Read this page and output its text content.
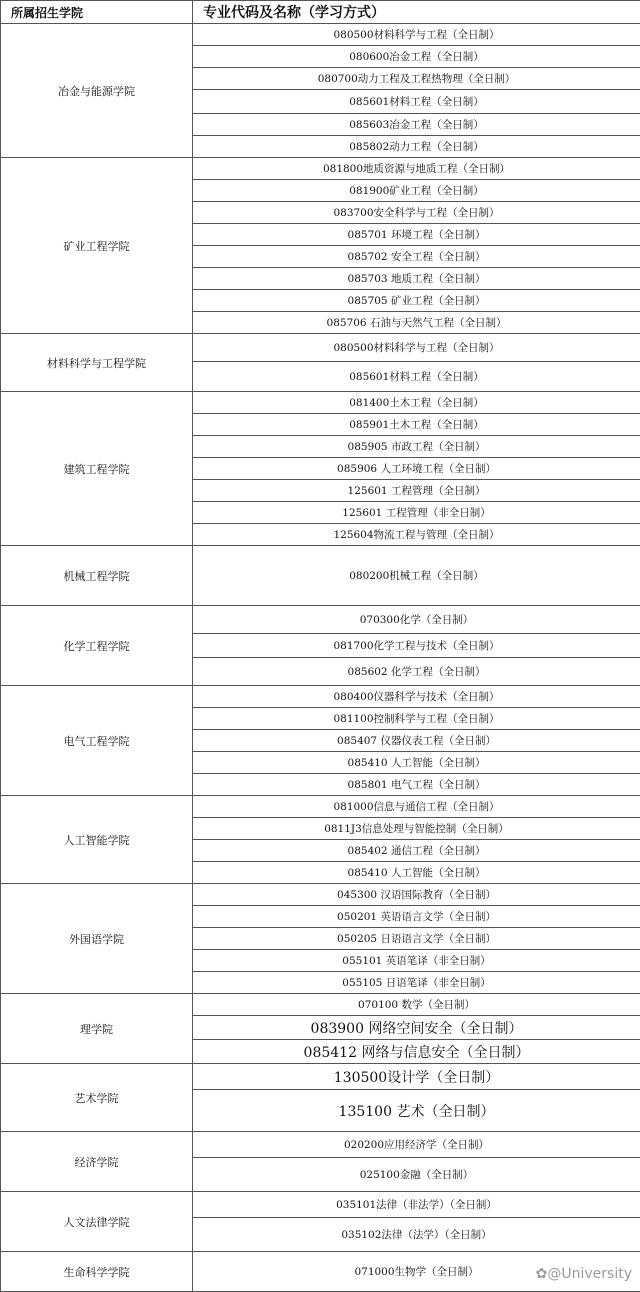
所属招生学院	专业代码及名称（学习方式）
冶金与能源学院	080500材料科学与工程（全日制）
	080600冶金工程（全日制）
	080700动力工程及工程热物理（全日制）
	085601材料工程（全日制）
	085603冶金工程（全日制）
	085802动力工程（全日制）
矿业工程学院	081800地质资源与地质工程（全日制）
	081900矿业工程（全日制）
	083700安全科学与工程（全日制）
	085701 环境工程（全日制）
	085702 安全工程（全日制）
	085703 地质工程（全日制）
	085705 矿业工程（全日制）
	085706 石油与天然气工程（全日制）
材料科学与工程学院	080500材料科学与工程（全日制）
	085601材料工程（全日制）
建筑工程学院	081400土木工程（全日制）
	085901土木工程（全日制）
	085905 市政工程（全日制）
	085906 人工环境工程（全日制）
	125601 工程管理（全日制）
	125601 工程管理（非全日制）
	125604物流工程与管理（全日制）
机械工程学院	080200机械工程（全日制）
化学工程学院	070300化学（全日制）
	081700化学工程与技术（全日制）
	085602 化学工程（全日制）
电气工程学院	080400仪器科学与技术（全日制）
	081100控制科学与工程（全日制）
	085407 仪器仪表工程（全日制）
	085410 人工智能（全日制）
	085801 电气工程（全日制）
人工智能学院	081000信息与通信工程（全日制）
	0811J3信息处理与智能控制（全日制）
	085402 通信工程（全日制）
	085410 人工智能（全日制）
外国语学院	045300 汉语国际教育（全日制）
	050201 英语语言文学（全日制）
	050205 日语语言文学（全日制）
	055101 英语笔译（非全日制）
	055105 日语笔译（非全日制）
理学院	070100 数学（全日制）
	083900 网络空间安全（全日制）
	085412 网络与信息安全（全日制）
艺术学院	130500设计学（全日制）
	135100 艺术（全日制）
经济学院	020200应用经济学（全日制）
	025100金融（全日制）
人文法律学院	035101法律（非法学）（全日制）
	035102法律（法学）（全日制）
生命科学学院	071000生物学（全日制）	✿@University
